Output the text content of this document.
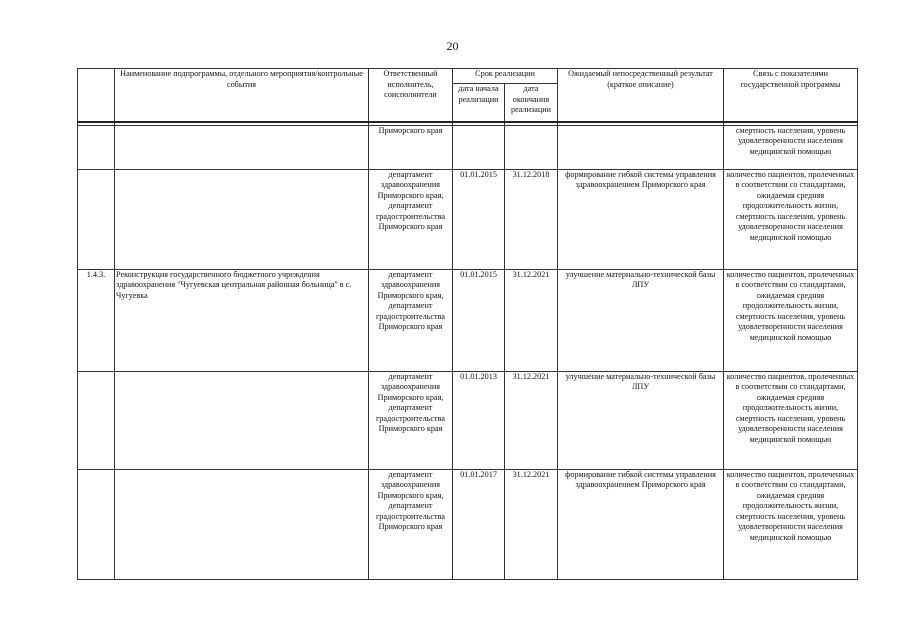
20
	Наименование подпрограммы, отдельного мероприятия/контрольные события	Ответственный исполнитель, соисполнители	Срок реализации		Ожидаемый непосредственный результат (краткое описание)	Связь с показателями государственной программы
			дата начала реализации	дата окончания реализации		

		Приморского края				смертность населения, уровень удовлетворенности населения медицинской помощью
		департамент здравоохранения Приморского края, департамент градостроительства Приморского края	01.01.2015	31.12.2018	формирование гибкой системы управления здравоохранением Приморского края	количество пациентов, пролеченных в соответствии со стандартами, ожидаемая средняя продолжительность жизни, смертность населения, уровень удовлетворенности населения медицинской помощью
1.4.3.	Реконструкция государственного бюджетного учреждения здравоохранения "Чугуевская центральная районная больница" в с. Чугуевка	департамент здравоохранения Приморского края, департамент градостроительства Приморского края	01.01.2015	31.12.2021	улучшение материально-технической базы ЛПУ	количество пациентов, пролеченных в соответствии со стандартами, ожидаемая средняя продолжительность жизни, смертность населения, уровень удовлетворенности населения медицинской помощью
		департамент здравоохранения Приморского края, департамент градостроительства Приморского края	01.01.2013	31.12.2021	улучшение материально-технической базы ЛПУ	количество пациентов, пролеченных в соответствии со стандартами, ожидаемая средняя продолжительность жизни, смертность населения, уровень удовлетворенности населения медицинской помощью
		департамент здравоохранения Приморского края, департамент градостроительства Приморского края	01.01.2017	31.12.2021	формирование гибкой системы управления здравоохранением Приморского края	количество пациентов, пролеченных в соответствии со стандартами, ожидаемая средняя продолжительность жизни, смертность населения, уровень удовлетворенности населения медицинской помощью
